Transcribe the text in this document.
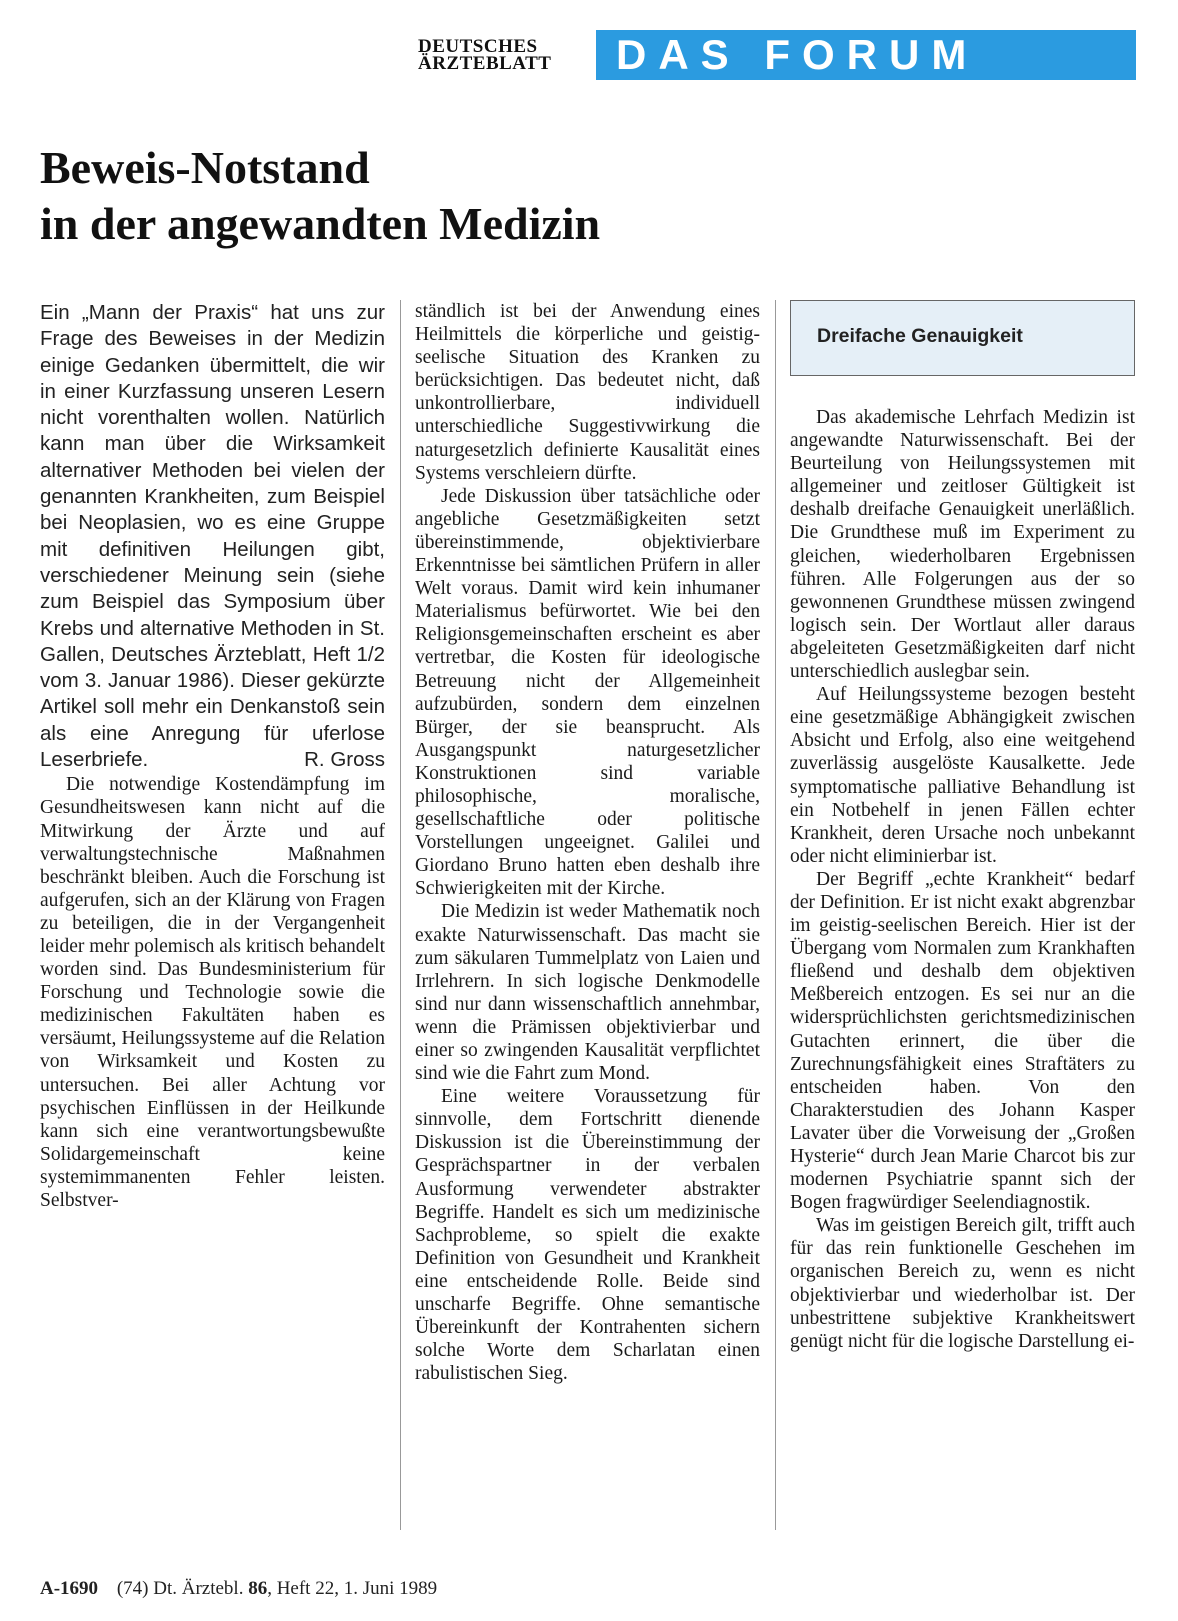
DEUTSCHES
ÄRZTEBLATT DAS FORUM
Beweis-Notstand
in der angewandten Medizin

Ein „Mann der Praxis“ hat uns zur Frage des Beweises in der Medizin einige Gedanken übermittelt, die wir in einer Kurzfassung unseren Lesern nicht vorenthalten wollen. Natürlich kann man über die Wirksamkeit alternativer Methoden bei vielen der genannten Krankheiten, zum Beispiel bei Neoplasien, wo es eine Gruppe mit definitiven Heilungen gibt, verschiedener Meinung sein (siehe zum Beispiel das Symposium über Krebs und alternative Methoden in St. Gallen, Deutsches Ärzteblatt, Heft 1/2 vom 3. Januar 1986). Dieser gekürzte Artikel soll mehr ein Denkanstoß sein als eine Anregung für uferlose Leserbriefe.	R. Gross

Die notwendige Kostendämpfung im Gesundheitswesen kann nicht auf die Mitwirkung der Ärzte und auf verwaltungstechnische Maßnahmen beschränkt bleiben. Auch die Forschung ist aufgerufen, sich an der Klärung von Fragen zu beteiligen, die in der Vergangenheit leider mehr polemisch als kritisch behandelt worden sind. Das Bundesministerium für Forschung und Technologie sowie die medizinischen Fakultäten haben es versäumt, Heilungssysteme auf die Relation von Wirksamkeit und Kosten zu untersuchen. Bei aller Achtung vor psychischen Einflüssen in der Heilkunde kann sich eine verantwortungsbewußte Solidargemeinschaft keine systemimmanenten Fehler leisten. Selbstver-

ständlich ist bei der Anwendung eines Heilmittels die körperliche und geistig-seelische Situation des Kranken zu berücksichtigen. Das bedeutet nicht, daß unkontrollierbare, individuell unterschiedliche Suggestivwirkung die naturgesetzlich definierte Kausalität eines Systems verschleiern dürfte.

Jede Diskussion über tatsächliche oder angebliche Gesetzmäßigkeiten setzt übereinstimmende, objektivierbare Erkenntnisse bei sämtlichen Prüfern in aller Welt voraus. Damit wird kein inhumaner Materialismus befürwortet. Wie bei den Religionsgemeinschaften erscheint es aber vertretbar, die Kosten für ideologische Betreuung nicht der Allgemeinheit aufzubürden, sondern dem einzelnen Bürger, der sie beansprucht. Als Ausgangspunkt naturgesetzlicher Konstruktionen sind variable philosophische, moralische, gesellschaftliche oder politische Vorstellungen ungeeignet. Galilei und Giordano Bruno hatten eben deshalb ihre Schwierigkeiten mit der Kirche.

Die Medizin ist weder Mathematik noch exakte Naturwissenschaft. Das macht sie zum säkularen Tummelplatz von Laien und Irrlehrern. In sich logische Denkmodelle sind nur dann wissenschaftlich annehmbar, wenn die Prämissen objektivierbar und einer so zwingenden Kausalität verpflichtet sind wie die Fahrt zum Mond.

Eine weitere Voraussetzung für sinnvolle, dem Fortschritt dienende Diskussion ist die Übereinstimmung der Gesprächspartner in der verbalen Ausformung verwendeter abstrakter Begriffe. Handelt es sich um medizinische Sachprobleme, so spielt die exakte Definition von Gesundheit und Krankheit eine entscheidende Rolle. Beide sind unscharfe Begriffe. Ohne semantische Übereinkunft der Kontrahenten sichern solche Worte dem Scharlatan einen rabulistischen Sieg.

Dreifache Genauigkeit

Das akademische Lehrfach Medizin ist angewandte Naturwissenschaft. Bei der Beurteilung von Heilungssystemen mit allgemeiner und zeitloser Gültigkeit ist deshalb dreifache Genauigkeit unerläßlich. Die Grundthese muß im Experiment zu gleichen, wiederholbaren Ergebnissen führen. Alle Folgerungen aus der so gewonnenen Grundthese müssen zwingend logisch sein. Der Wortlaut aller daraus abgeleiteten Gesetzmäßigkeiten darf nicht unterschiedlich auslegbar sein.

Auf Heilungssysteme bezogen besteht eine gesetzmäßige Abhängigkeit zwischen Absicht und Erfolg, also eine weitgehend zuverlässig ausgelöste Kausalkette. Jede symptomatische palliative Behandlung ist ein Notbehelf in jenen Fällen echter Krankheit, deren Ursache noch unbekannt oder nicht eliminierbar ist.

Der Begriff „echte Krankheit“ bedarf der Definition. Er ist nicht exakt abgrenzbar im geistig-seelischen Bereich. Hier ist der Übergang vom Normalen zum Krankhaften fließend und deshalb dem objektiven Meßbereich entzogen. Es sei nur an die widersprüchlichsten gerichtsmedizinischen Gutachten erinnert, die über die Zurechnungsfähigkeit eines Straftäters zu entscheiden haben. Von den Charakterstudien des Johann Kasper Lavater über die Vorweisung der „Großen Hysterie“ durch Jean Marie Charcot bis zur modernen Psychiatrie spannt sich der Bogen fragwürdiger Seelendiagnostik.

Was im geistigen Bereich gilt, trifft auch für das rein funktionelle Geschehen im organischen Bereich zu, wenn es nicht objektivierbar und wiederholbar ist. Der unbestrittene subjektive Krankheitswert genügt nicht für die logische Darstellung ei-

A-1690 (74) Dt. Ärztebl. 86, Heft 22, 1. Juni 1989
